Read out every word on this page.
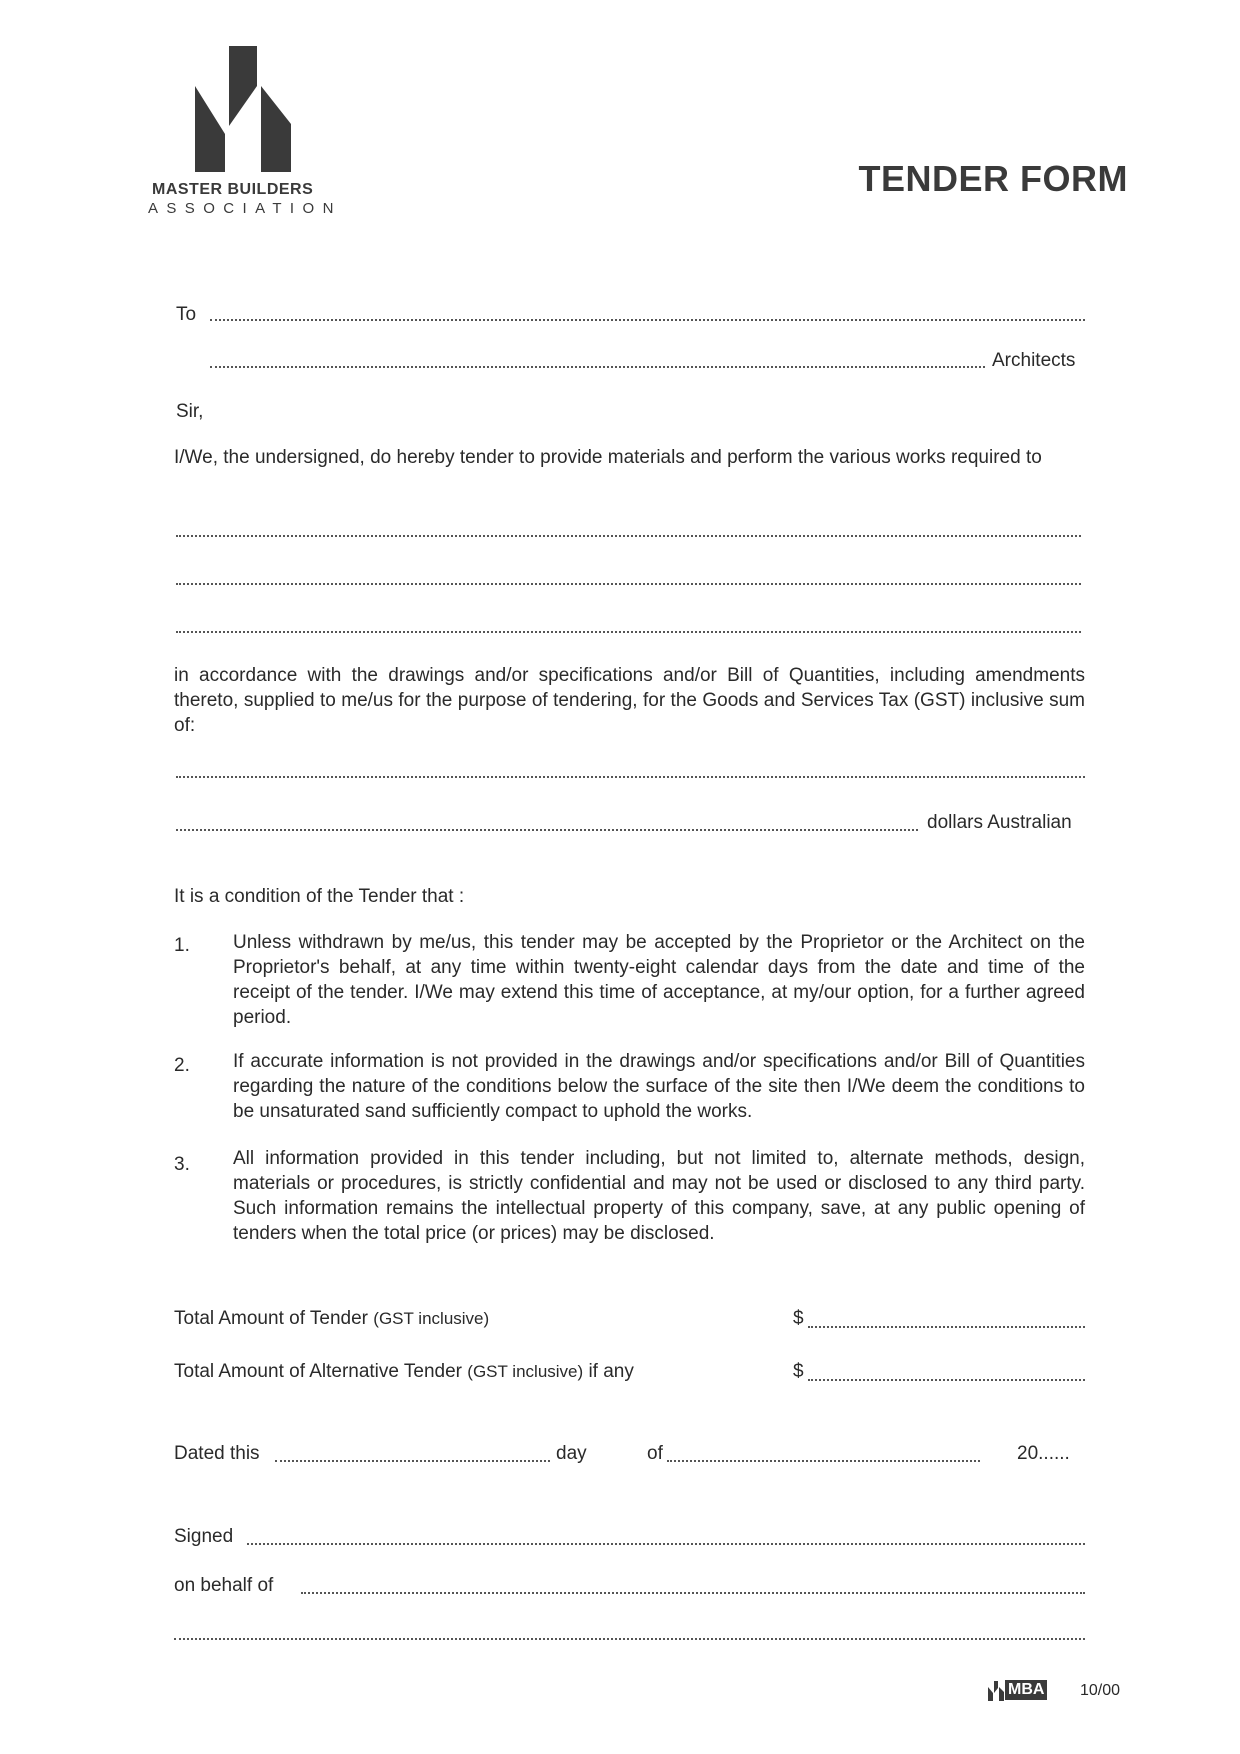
MASTER BUILDERS
ASSOCIATION
TENDER FORM
To
Architects
Sir,
I/We, the undersigned, do hereby tender to provide materials and perform the various works required to
in accordance with the drawings and/or specifications and/or Bill of Quantities, including amendments thereto, supplied to me/us for the purpose of tendering, for the Goods and Services Tax (GST) inclusive sum of:
dollars Australian
It is a condition of the Tender that :
1. Unless withdrawn by me/us, this tender may be accepted by the Proprietor or the Architect on the Proprietor's behalf, at any time within twenty-eight calendar days from the date and time of the receipt of the tender. I/We may extend this time of acceptance, at my/our option, for a further agreed period.
2. If accurate information is not provided in the drawings and/or specifications and/or Bill of Quantities regarding the nature of the conditions below the surface of the site then I/We deem the conditions to be unsaturated sand sufficiently compact to uphold the works.
3. All information provided in this tender including, but not limited to, alternate methods, design, materials or procedures, is strictly confidential and may not be used or disclosed to any third party. Such information remains the intellectual property of this company, save, at any public opening of tenders when the total price (or prices) may be disclosed.
Total Amount of Tender (GST inclusive)	$
Total Amount of Alternative Tender (GST inclusive) if any	$
Dated this	day	of	20......
Signed
on behalf of
MBA 10/00
